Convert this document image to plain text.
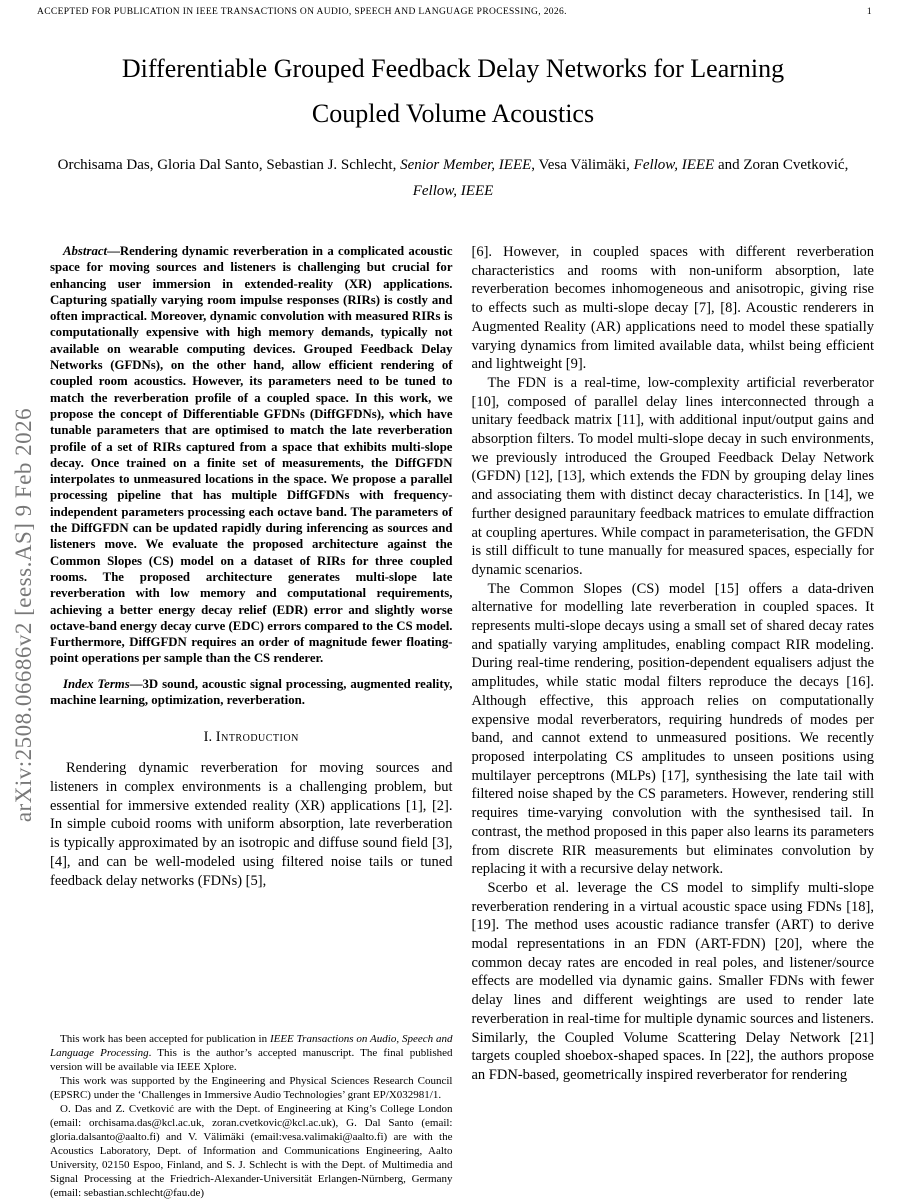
ACCEPTED FOR PUBLICATION IN IEEE TRANSACTIONS ON AUDIO, SPEECH AND LANGUAGE PROCESSING, 2026.	1
arXiv:2508.06686v2 [eess.AS] 9 Feb 2026
Differentiable Grouped Feedback Delay Networks for Learning
Coupled Volume Acoustics
Orchisama Das, Gloria Dal Santo, Sebastian J. Schlecht, Senior Member, IEEE, Vesa Välimäki, Fellow, IEEE and Zoran Cvetković, Fellow, IEEE

Abstract—Rendering dynamic reverberation in a complicated acoustic space for moving sources and listeners is challenging but crucial for enhancing user immersion in extended-reality (XR) applications. Capturing spatially varying room impulse responses (RIRs) is costly and often impractical. Moreover, dynamic convolution with measured RIRs is computationally expensive with high memory demands, typically not available on wearable computing devices. Grouped Feedback Delay Networks (GFDNs), on the other hand, allow efficient rendering of coupled room acoustics. However, its parameters need to be tuned to match the reverberation profile of a coupled space. In this work, we propose the concept of Differentiable GFDNs (DiffGFDNs), which have tunable parameters that are optimised to match the late reverberation profile of a set of RIRs captured from a space that exhibits multi-slope decay. Once trained on a finite set of measurements, the DiffGFDN interpolates to unmeasured locations in the space. We propose a parallel processing pipeline that has multiple DiffGFDNs with frequency-independent parameters processing each octave band. The parameters of the DiffGFDN can be updated rapidly during inferencing as sources and listeners move. We evaluate the proposed architecture against the Common Slopes (CS) model on a dataset of RIRs for three coupled rooms. The proposed architecture generates multi-slope late reverberation with low memory and computational requirements, achieving a better energy decay relief (EDR) error and slightly worse octave-band energy decay curve (EDC) errors compared to the CS model. Furthermore, DiffGFDN requires an order of magnitude fewer floating-point operations per sample than the CS renderer.

Index Terms—3D sound, acoustic signal processing, augmented reality, machine learning, optimization, reverberation.

I. Introduction

Rendering dynamic reverberation for moving sources and listeners in complex environments is a challenging problem, but essential for immersive extended reality (XR) applications [1], [2]. In simple cuboid rooms with uniform absorption, late reverberation is typically approximated by an isotropic and diffuse sound field [3], [4], and can be well-modeled using filtered noise tails or tuned feedback delay networks (FDNs) [5],

This work has been accepted for publication in IEEE Transactions on Audio, Speech and Language Processing. This is the author’s accepted manuscript. The final published version will be available via IEEE Xplore.

This work was supported by the Engineering and Physical Sciences Research Council (EPSRC) under the ‘Challenges in Immersive Audio Technologies’ grant EP/X032981/1.

O. Das and Z. Cvetković are with the Dept. of Engineering at King’s College London (email: orchisama.das@kcl.ac.uk, zoran.cvetkovic@kcl.ac.uk), G. Dal Santo (email: gloria.dalsanto@aalto.fi) and V. Välimäki (email:vesa.valimaki@aalto.fi) are with the Acoustics Laboratory, Dept. of Information and Communications Engineering, Aalto University, 02150 Espoo, Finland, and S. J. Schlecht is with the Dept. of Multimedia and Signal Processing at the Friedrich-Alexander-Universität Erlangen-Nürnberg, Germany (email: sebastian.schlecht@fau.de)

[6]. However, in coupled spaces with different reverberation characteristics and rooms with non-uniform absorption, late reverberation becomes inhomogeneous and anisotropic, giving rise to effects such as multi-slope decay [7], [8]. Acoustic renderers in Augmented Reality (AR) applications need to model these spatially varying dynamics from limited available data, whilst being efficient and lightweight [9].

The FDN is a real-time, low-complexity artificial reverberator [10], composed of parallel delay lines interconnected through a unitary feedback matrix [11], with additional input/output gains and absorption filters. To model multi-slope decay in such environments, we previously introduced the Grouped Feedback Delay Network (GFDN) [12], [13], which extends the FDN by grouping delay lines and associating them with distinct decay characteristics. In [14], we further designed paraunitary feedback matrices to emulate diffraction at coupling apertures. While compact in parameterisation, the GFDN is still difficult to tune manually for measured spaces, especially for dynamic scenarios.

The Common Slopes (CS) model [15] offers a data-driven alternative for modelling late reverberation in coupled spaces. It represents multi-slope decays using a small set of shared decay rates and spatially varying amplitudes, enabling compact RIR modeling. During real-time rendering, position-dependent equalisers adjust the amplitudes, while static modal filters reproduce the decays [16]. Although effective, this approach relies on computationally expensive modal reverberators, requiring hundreds of modes per band, and cannot extend to unmeasured positions. We recently proposed interpolating CS amplitudes to unseen positions using multilayer perceptrons (MLPs) [17], synthesising the late tail with filtered noise shaped by the CS parameters. However, rendering still requires time-varying convolution with the synthesised tail. In contrast, the method proposed in this paper also learns its parameters from discrete RIR measurements but eliminates convolution by replacing it with a recursive delay network.

Scerbo et al. leverage the CS model to simplify multi-slope reverberation rendering in a virtual acoustic space using FDNs [18], [19]. The method uses acoustic radiance transfer (ART) to derive modal representations in an FDN (ART-FDN) [20], where the common decay rates are encoded in real poles, and listener/source effects are modelled via dynamic gains. Smaller FDNs with fewer delay lines and different weightings are used to render late reverberation in real-time for multiple dynamic sources and listeners. Similarly, the Coupled Volume Scattering Delay Network [21] targets coupled shoebox-shaped spaces. In [22], the authors propose an FDN-based, geometrically inspired reverberator for rendering
